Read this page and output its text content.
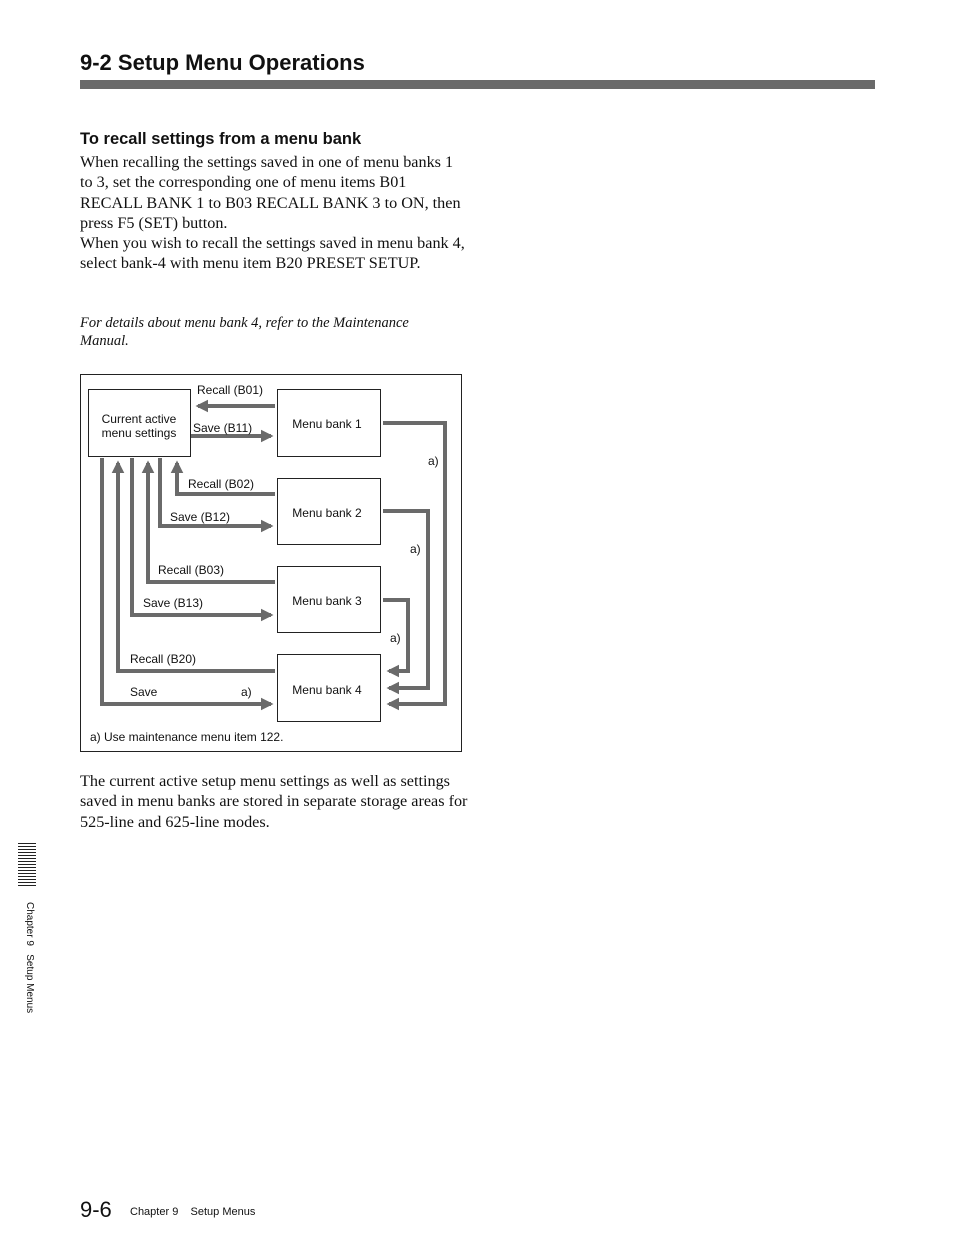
9-2 Setup Menu Operations
To recall settings from a menu bank

When recalling the settings saved in one of menu banks 1 to 3, set the corresponding one of menu items B01 RECALL BANK 1 to B03 RECALL BANK 3 to ON, then press F5 (SET) button.

When you wish to recall the settings saved in menu bank 4, select bank-4 with menu item B20 PRESET SETUP.

For details about menu bank 4, refer to the Maintenance Manual.

Current active menu settings
Menu bank 1
Menu bank 2
Menu bank 3
Menu bank 4
Recall (B01)
Save (B11)
Recall (B02)
Save (B12)
Recall (B03)
Save (B13)
Recall (B20)
Save
a)
a)
a)
a)
a) Use maintenance menu item 122.

The current active setup menu settings as well as settings saved in menu banks are stored in separate storage areas for 525-line and 625-line modes.

Chapter 9   Setup Menus
9-6 Chapter 9    Setup Menus
